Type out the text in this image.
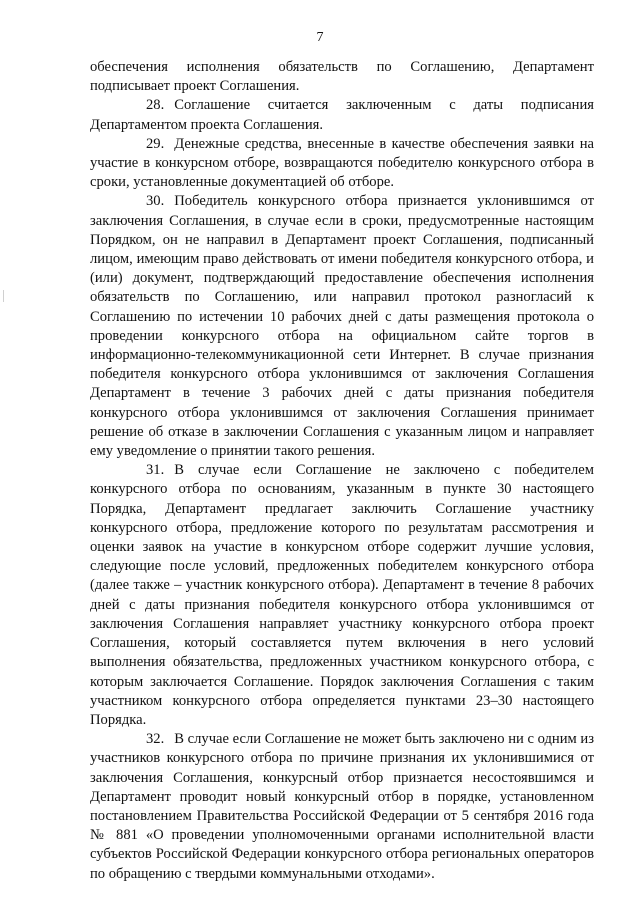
7

обеспечения исполнения обязательств по Соглашению, Департамент подписывает проект Соглашения.

28. Соглашение считается заключенным с даты подписания Департаментом проекта Соглашения.

29. Денежные средства, внесенные в качестве обеспечения заявки на участие в конкурсном отборе, возвращаются победителю конкурсного отбора в сроки, установленные документацией об отборе.

30. Победитель конкурсного отбора признается уклонившимся от заключения Соглашения, в случае если в сроки, предусмотренные настоящим Порядком, он не направил в Департамент проект Соглашения, подписанный лицом, имеющим право действовать от имени победителя конкурсного отбора, и (или) документ, подтверждающий предоставление обеспечения исполнения обязательств по Соглашению, или направил протокол разногласий к Соглашению по истечении 10 рабочих дней с даты размещения протокола о проведении конкурсного отбора на официальном сайте торгов в информационно-телекоммуникационной сети Интернет. В случае признания победителя конкурсного отбора уклонившимся от заключения Соглашения Департамент в течение 3 рабочих дней с даты признания победителя конкурсного отбора уклонившимся от заключения Соглашения принимает решение об отказе в заключении Соглашения с указанным лицом и направляет ему уведомление о принятии такого решения.

31. В случае если Соглашение не заключено с победителем конкурсного отбора по основаниям, указанным в пункте 30 настоящего Порядка, Департамент предлагает заключить Соглашение участнику конкурсного отбора, предложение которого по результатам рассмотрения и оценки заявок на участие в конкурсном отборе содержит лучшие условия, следующие после условий, предложенных победителем конкурсного отбора (далее также – участник конкурсного отбора). Департамент в течение 8 рабочих дней с даты признания победителя конкурсного отбора уклонившимся от заключения Соглашения направляет участнику конкурсного отбора проект Соглашения, который составляется путем включения в него условий выполнения обязательства, предложенных участником конкурсного отбора, с которым заключается Соглашение. Порядок заключения Соглашения с таким участником конкурсного отбора определяется пунктами 23–30 настоящего Порядка.

32. В случае если Соглашение не может быть заключено ни с одним из участников конкурсного отбора по причине признания их уклонившимися от заключения Соглашения, конкурсный отбор признается несостоявшимся и Департамент проводит новый конкурсный отбор в порядке, установленном постановлением Правительства Российской Федерации от 5 сентября 2016 года № 881 «О проведении уполномоченными органами исполнительной власти субъектов Российской Федерации конкурсного отбора региональных операторов по обращению с твердыми коммунальными отходами».
